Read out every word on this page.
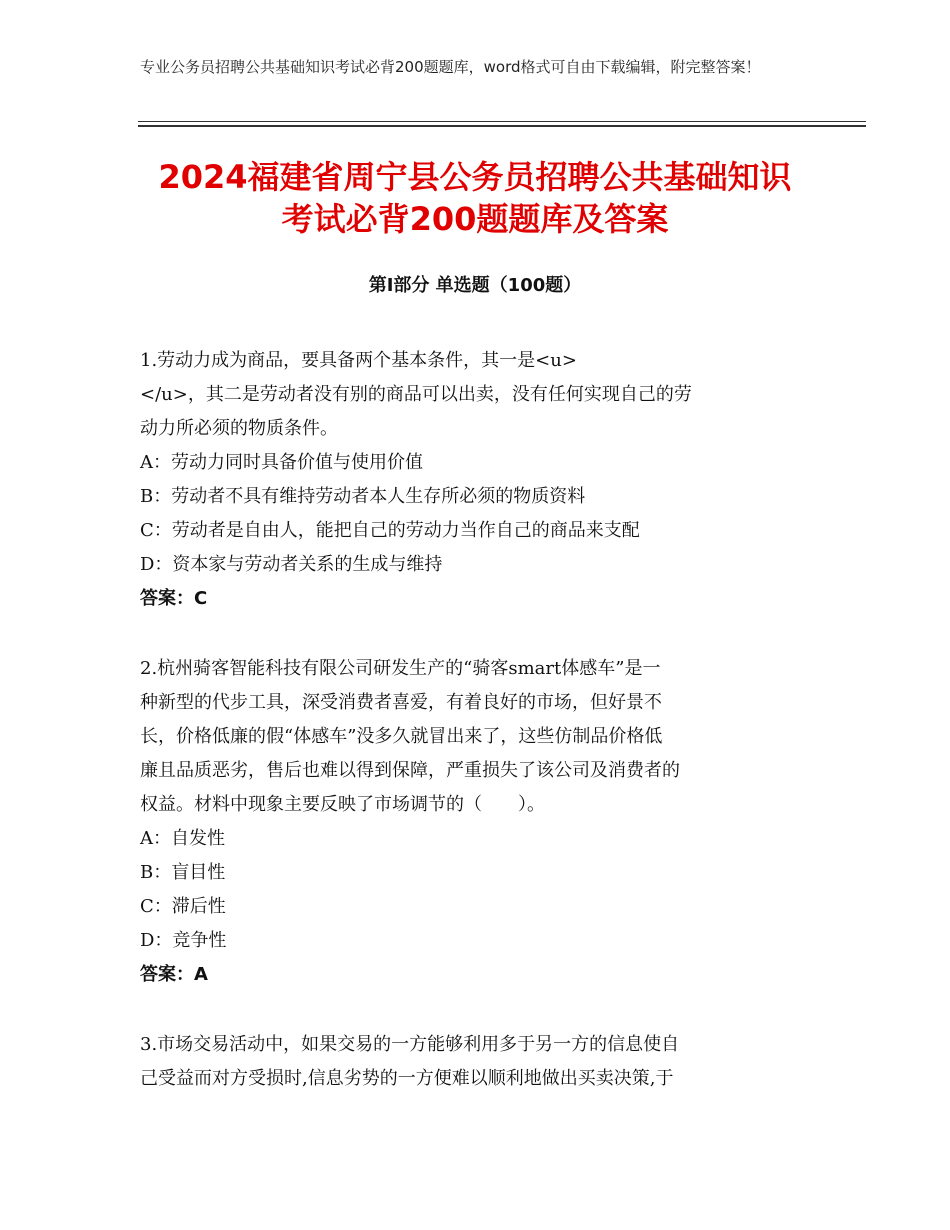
专业公务员招聘公共基础知识考试必背200题题库，word格式可自由下载编辑，附完整答案！
2024福建省周宁县公务员招聘公共基础知识
考试必背200题题库及答案
第Ⅰ部分 单选题（100题）

1.劳动力成为商品，要具备两个基本条件，其一是<u>

</u>，其二是劳动者没有别的商品可以出卖，没有任何实现自己的劳

动力所必须的物质条件。

A：劳动力同时具备价值与使用价值

B：劳动者不具有维持劳动者本人生存所必须的物质资料

C：劳动者是自由人，能把自己的劳动力当作自己的商品来支配

D：资本家与劳动者关系的生成与维持

答案：C

2.杭州骑客智能科技有限公司研发生产的“骑客smart体感车”是一

种新型的代步工具，深受消费者喜爱，有着良好的市场，但好景不

长，价格低廉的假“体感车”没多久就冒出来了，这些仿制品价格低

廉且品质恶劣，售后也难以得到保障，严重损失了该公司及消费者的

权益。材料中现象主要反映了市场调节的（　　）。

A：自发性

B：盲目性

C：滞后性

D：竞争性

答案：A

3.市场交易活动中，如果交易的一方能够利用多于另一方的信息使自

己受益而对方受损时,信息劣势的一方便难以顺利地做出买卖决策,于
